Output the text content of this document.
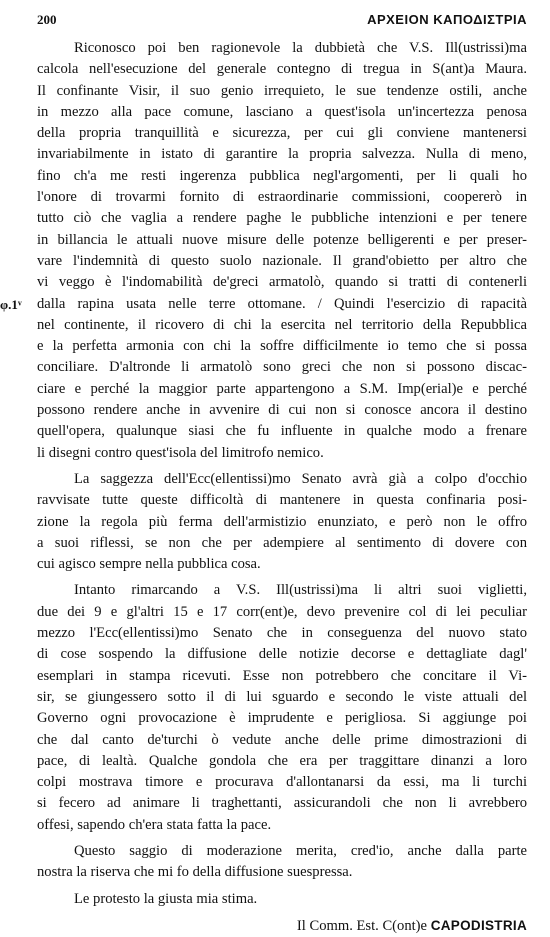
200	ΑΡΧΕΙΟΝ ΚΑΠΟΔΙΣΤΡΙΑ
Riconosco poi ben ragionevole la dubbietà che V.S. Ill(ustrissi)ma
calcola nell'esecuzione del generale contegno di tregua in S(ant)a Maura.
Il confinante Visir, il suo genio irrequieto, le sue tendenze ostili, anche
in mezzo alla pace comune, lasciano a quest'isola un'incertezza penosa
della propria tranquillità e sicurezza, per cui gli conviene mantenersi
invariabilmente in istato di garantire la propria salvezza. Nulla di meno,
fino ch'a me resti ingerenza pubblica negl'argomenti, per li quali ho
l'onore di trovarmi fornito di estraordinarie commissioni, coopererò in
tutto ciò che vaglia a rendere paghe le pubbliche intenzioni e per tenere
in billancia le attuali nuove misure delle potenze belligerenti e per preser-
vare l'indemnità di questo suolo nazionale. Il grand'obietto per altro che
vi veggo è l'indomabilità de'greci armatolò, quando si tratti di contenerli
dalla rapina usata nelle terre ottomane. / Quindi l'esercizio di rapacità
φ.1ᵛ
nel continente, il ricovero di chi la esercita nel territorio della Repubblica
e la perfetta armonia con chi la soffre difficilmente io temo che si possa
conciliare. D'altronde li armatolò sono greci che non si possono discac-
ciare e perché la maggior parte appartengono a S.M. Imp(erial)e e perché
possono rendere anche in avvenire di cui non si conosce ancora il destino
quell'opera, qualunque siasi che fu influente in qualche modo a frenare
li disegni contro quest'isola del limitrofo nemico.
La saggezza dell'Ecc(ellentissi)mo Senato avrà già a colpo d'occhio
ravvisate tutte queste difficoltà di mantenere in questa confinaria posi-
zione la regola più ferma dell'armistizio enunziato, e però non le offro
a suoi riflessi, se non che per adempiere al sentimento di dovere con
cui agisco sempre nella pubblica cosa.
Intanto rimarcando a V.S. Ill(ustrissi)ma li altri suoi viglietti,
due dei 9 e gl'altri 15 e 17 corr(ent)e, devo prevenire col di lei peculiar
mezzo l'Ecc(ellentissi)mo Senato che in conseguenza del nuovo stato
di cose sospendo la diffusione delle notizie decorse e dettagliate dagl'
esemplari in stampa ricevuti. Esse non potrebbero che concitare il Vi-
sir, se giungessero sotto il di lui sguardo e secondo le viste attuali del
Governo ogni provocazione è imprudente e perigliosa. Si aggiunge poi
che dal canto de'turchi ò vedute anche delle prime dimostrazioni di
pace, di lealtà. Qualche gondola che era per traggittare dinanzi a loro
colpi mostrava timore e procurava d'allontanarsi da essi, ma li turchi
si fecero ad animare li traghettanti, assicurandoli che non li avrebbero
offesi, sapendo ch'era stata fatta la pace.
Questo saggio di moderazione merita, cred'io, anche dalla parte
nostra la riserva che mi fo della diffusione suespressa.
Le protesto la giusta mia stima.
Il Comm. Est. C(ont)e CAPODISTRIA
